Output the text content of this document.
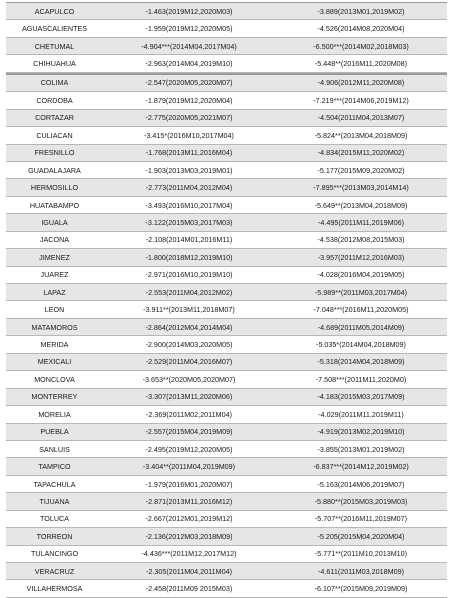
ACAPULCO	-1.463(2019M12,2020M03)	-3.889(2013M01,2019M02)
AGUASCALIENTES	-1.959(2019M12,2020M05)	-4.526(2014M08,2020M04)
CHETUMAL	-4.904***(2014M04,2017M04)	-6.500***(2014M02,2018M03)
CHIHUAHUA	-2.963(2014M04,2019M10)	-5.448**(2016M11,2020M08)
COLIMA	-2.547(2020M05,2020M07)	-4.906(2012M11,2020M08)
CORDOBA	-1.879(2019M12,2020M04)	-7.219***(2014M06,2019M12)
CORTAZAR	-2.775(2020M05,2021M07)	-4.504(2011M04,2013M07)
CULIACAN	-3.415*(2016M10,2017M04)	-5.824**(2013M04,2018M09)
FRESNILLO	-1.768(2013M11,2016M04)	-4.834(2015M11,2020M02)
GUADALAJARA	-1.903(2013M03,2019M01)	-5.177(2015M09,2020M02)
HERMOSILLO	-2.773(2011M04,2012M04)	-7.895***(2013M03,2014M14)
HUATABAMPO	-3.493(2016M10,2017M04)	-5.649**(2013M04,2018M09)
IGUALA	-3.122(2015M03,2017M03)	-4.495(2011M11,2019M06)
JACONA	-2.108(2014M01,2016M11)	-4.538(2012M08,2015M03)
JIMENEZ	-1.800(2018M12,2019M10)	-3.957(2011M12,2016M03)
JUAREZ	-2.971(2016M10,2019M10)	-4.028(2016M04,2019M05)
LAPAZ	-2.553(2011M04,2012M02)	-5.989**(2011M03,2017M04)
LEON	-3.911**(2013M11,2018M07)	-7.048***(2016M11,2020M05)
MATAMOROS	-2.864(2012M04,2014M04)	-4.689(2011M05,2014M09)
MERIDA	-2.900(2014M03,2020M05)	-5.035*(2014M04,2018M09)
MEXICALI	-2.529(2011M04,2016M07)	-5.318(2014M04,2018M09)
MONCLOVA	-3.653**(2020M05,2020M07)	-7.508***(2011M11,2020M0)
MONTERREY	-3.307(2013M11,2020M06)	-4.183(2015M03,2017M09)
MORELIA	-2.369(2011M02,2011M04)	-4.029(2011M11,2019M11)
PUEBLA	-2.557(2015M04,2019M09)	-4.919(2013M02,2019M10)
SANLUIS	-2.495(2019M12,2020M05)	-3.855(2013M01,2019M02)
TAMPICO	-3.404**(2011M04,2019M09)	-6.837***(2014M12,2019M02)
TAPACHULA	-1.979(2016M01,2020M07)	-5.163(2014M06,2019M07)
TIJUANA	-2.871(2013M11,2016M12)	-5.880**(2015M03,2019M03)
TOLUCA	-2.667(2012M01,2019M12)	-5.707**(2016M11,2019M07)
TORREON	-2.136(2012M03,2018M09)	-5.205(2015M04,2020M04)
TULANCINGO	-4.436***(2011M12,2017M12)	-5.771**(2011M10,2013M10)
VERACRUZ	-2.305(2011M04,2011M04)	-4.611(2011M03,2018M09)
VILLAHERMOSA	-2.458(2011M09 2015M03)	-6.107**(2015M09,2019M09)
